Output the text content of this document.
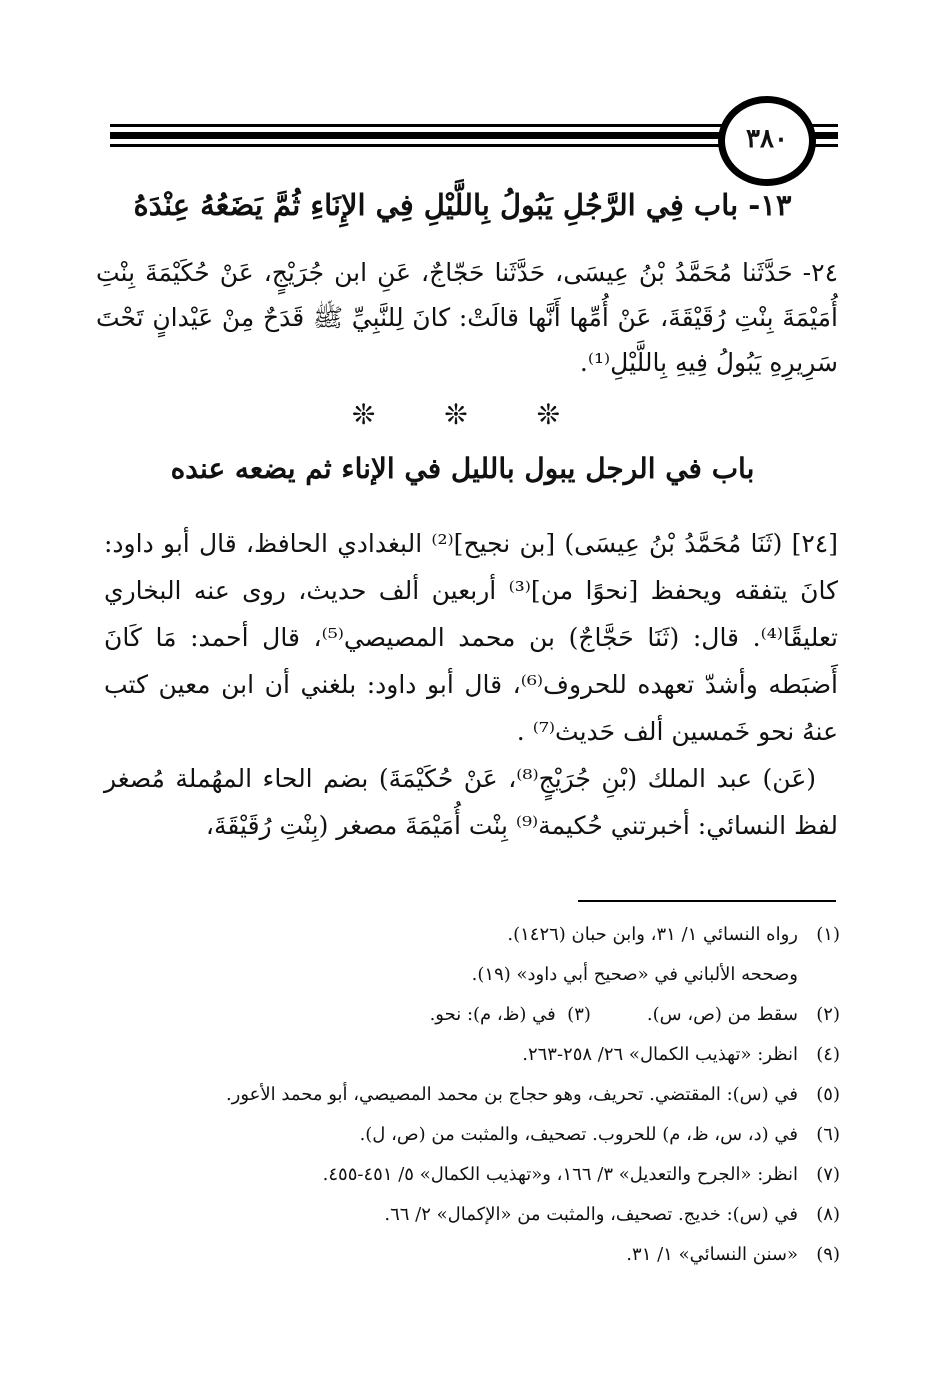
٣٨٠
١٣- باب فِي الرَّجُلِ يَبُولُ بِاللَّيْلِ فِي الإِنَاءِ ثُمَّ يَضَعُهُ عِنْدَهُ
٢٤- حَدَّثَنا مُحَمَّدُ بْنُ عِيسَى، حَدَّثَنا حَجّاجٌ، عَنِ ابن جُرَيْجٍ، عَنْ حُكَيْمَةَ بِنْتِ أُمَيْمَةَ بِنْتِ رُقَيْقَةَ، عَنْ أُمِّها أَنَّها قالَتْ: كانَ لِلنَّبِيِّ ﷺ قَدَحٌ مِنْ عَيْدانٍ تَحْتَ سَرِيرِهِ يَبُولُ فِيهِ بِاللَّيْلِ⁽¹⁾.
❊ ❊ ❊
باب في الرجل يبول بالليل في الإناء ثم يضعه عنده

[٢٤] (ثَنَا مُحَمَّدُ بْنُ عِيسَى) [بن نجيح]⁽²⁾ البغدادي الحافظ، قال أبو داود: كانَ يتفقه ويحفظ [نحوًا من]⁽³⁾ أربعين ألف حديث، روى عنه البخاري تعليقًا⁽⁴⁾. قال: (ثَنَا حَجَّاجٌ) بن محمد المصيصي⁽⁵⁾، قال أحمد: مَا كَانَ أَضبَطه وأشدّ تعهده للحروف⁽⁶⁾، قال أبو داود: بلغني أن ابن معين كتب عنهُ نحو خَمسين ألف حَديث⁽⁷⁾ .

(عَن) عبد الملك (بْنِ جُرَيْجٍ⁽⁸⁾، عَنْ حُكَيْمَةَ) بضم الحاء المهُملة مُصغر لفظ النسائي: أخبرتني حُكيمة⁽⁹⁾ بِنْت أُمَيْمَةَ مصغر (بِنْتِ رُقَيْقَةَ،

(١)
رواه النسائي ١/ ٣١، وابن حبان (١٤٢٦).
وصححه الألباني في «صحيح أبي داود» (١٩).
(٢)
سقط من (ص، س).
(٣)

في (ظ، م): نحو.
(٤)
انظر: «تهذيب الكمال» ٢٦/ ٢٥٨-٢٦٣.
(٥)
في (س): المقتضي. تحريف، وهو حجاج بن محمد المصيصي، أبو محمد الأعور.
(٦)
في (د، س، ظ، م) للحروب. تصحيف، والمثبت من (ص، ل).
(٧)
انظر: «الجرح والتعديل» ٣/ ١٦٦، و«تهذيب الكمال» ٥/ ٤٥١-٤٥٥.
(٨)
في (س): خديج. تصحيف، والمثبت من «الإكمال» ٢/ ٦٦.
(٩)
«سنن النسائي» ١/ ٣١.
